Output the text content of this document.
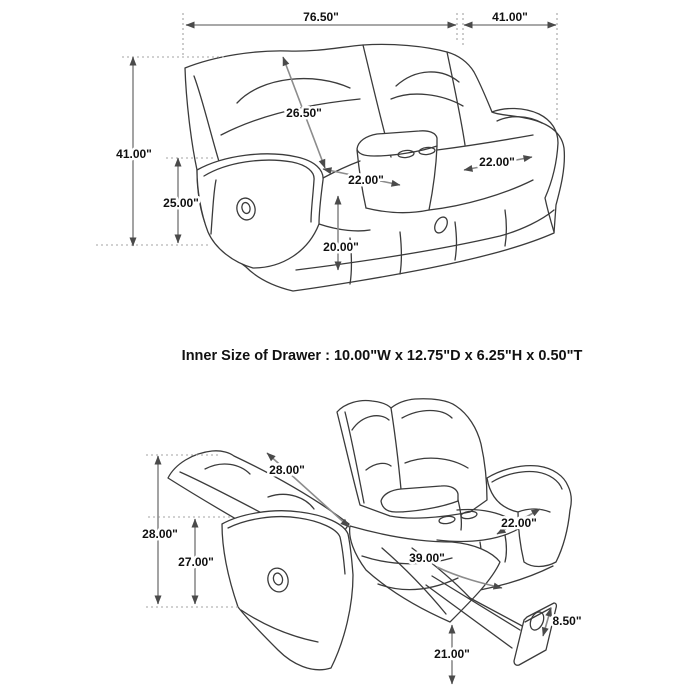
76.50"	41.00"
41.00"
26.50"
25.00"
22.00"
22.00"
20.00"
Inner Size of Drawer : 10.00"W x 12.75"D x 6.25"H x 0.50"T
28.00"
28.00"
27.00"
22.00"
39.00"
8.50"
21.00"
